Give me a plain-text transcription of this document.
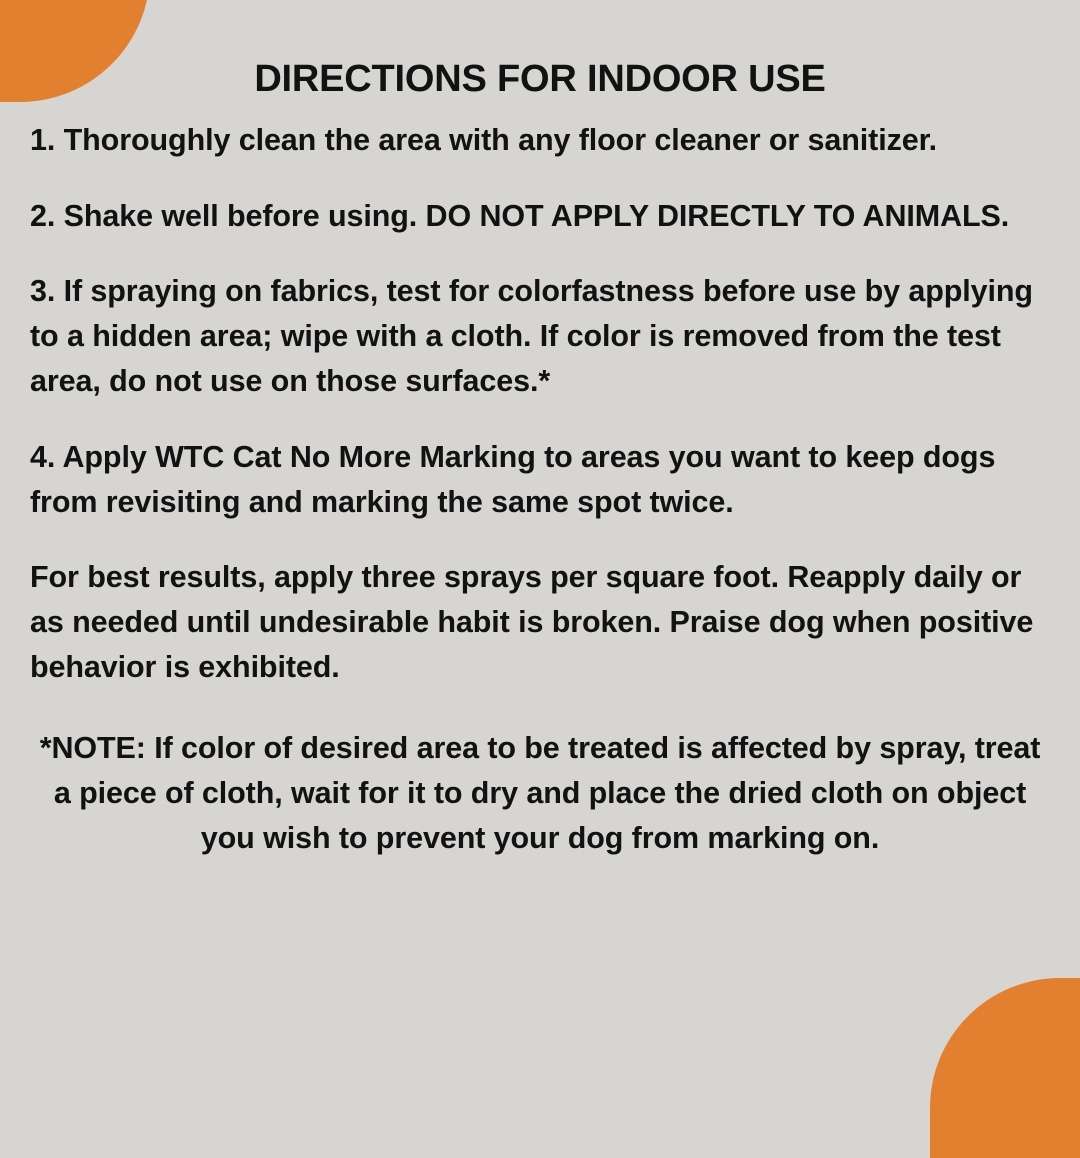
DIRECTIONS FOR INDOOR USE

1. Thoroughly clean the area with any floor cleaner or sanitizer.

2. Shake well before using. DO NOT APPLY DIRECTLY TO ANIMALS.

3. If spraying on fabrics, test for colorfastness before use by applying to a hidden area; wipe with a cloth. If color is removed from the test area, do not use on those surfaces.*

4. Apply WTC Cat No More Marking to areas you want to keep dogs from revisiting and marking the same spot twice.

For best results, apply three sprays per square foot. Reapply daily or as needed until undesirable habit is broken. Praise dog when positive behavior is exhibited.

*NOTE: If color of desired area to be treated is affected by spray, treat a piece of cloth, wait for it to dry and place the dried cloth on object you wish to prevent your dog from marking on.
